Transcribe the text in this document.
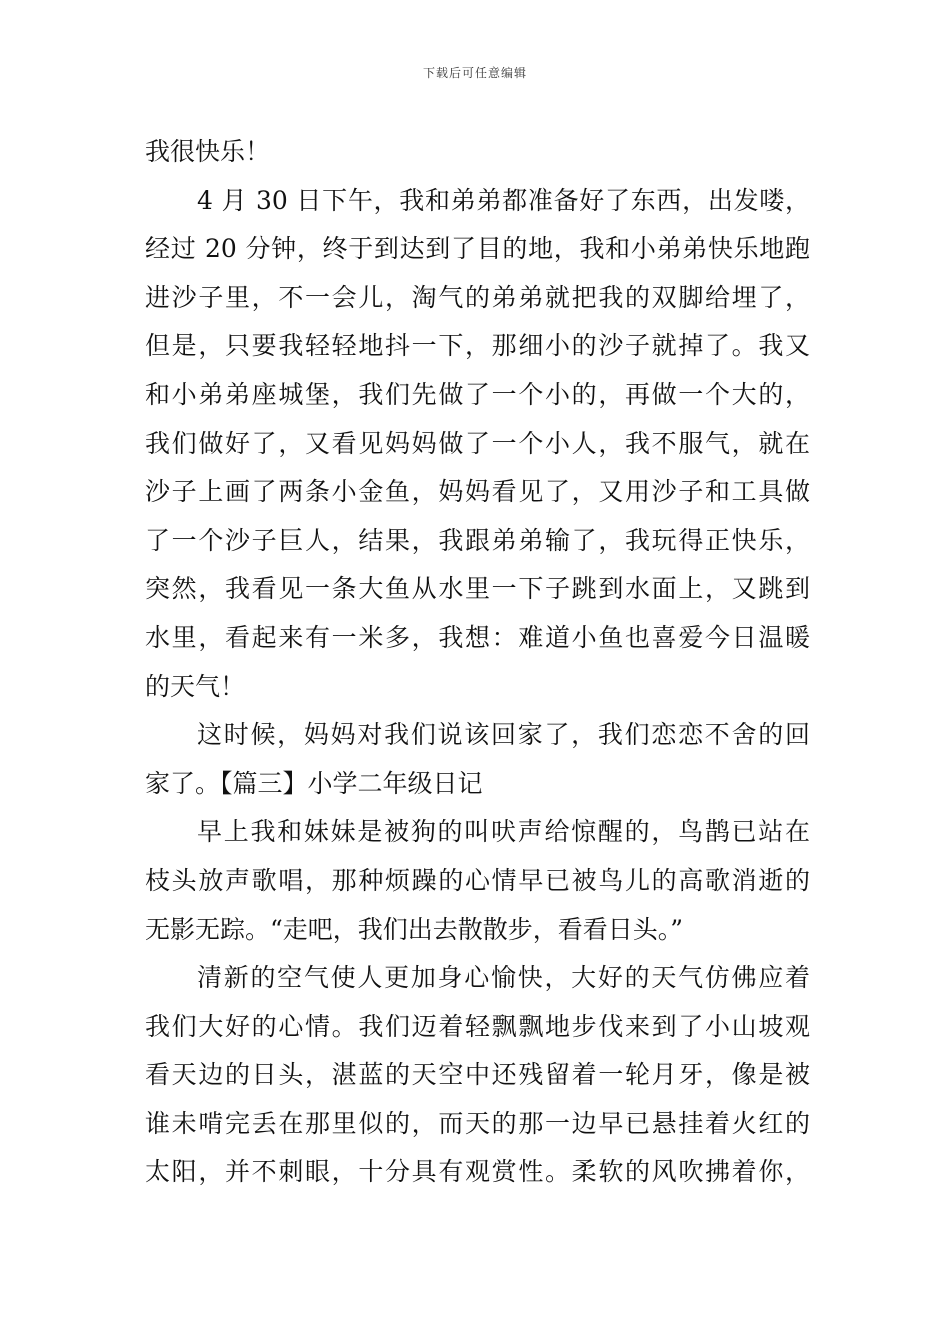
下载后可任意编辑
我很快乐！
4 月 30 日下午，我和弟弟都准备好了东西，出发喽，
经过 20 分钟，终于到达到了目的地，我和小弟弟快乐地跑
进沙子里，不一会儿，淘气的弟弟就把我的双脚给埋了，
但是，只要我轻轻地抖一下，那细小的沙子就掉了。我又
和小弟弟座城堡，我们先做了一个小的，再做一个大的，
我们做好了，又看见妈妈做了一个小人，我不服气，就在
沙子上画了两条小金鱼，妈妈看见了，又用沙子和工具做
了一个沙子巨人，结果，我跟弟弟输了，我玩得正快乐，
突然，我看见一条大鱼从水里一下子跳到水面上，又跳到
水里，看起来有一米多，我想：难道小鱼也喜爱今日温暖
的天气！
这时候，妈妈对我们说该回家了，我们恋恋不舍的回
家了。【篇三】小学二年级日记
早上我和妹妹是被狗的叫吠声给惊醒的，鸟鹊已站在
枝头放声歌唱，那种烦躁的心情早已被鸟儿的高歌消逝的
无影无踪。“走吧，我们出去散散步，看看日头。”
清新的空气使人更加身心愉快，大好的天气仿佛应着
我们大好的心情。我们迈着轻飘飘地步伐来到了小山坡观
看天边的日头，湛蓝的天空中还残留着一轮月牙，像是被
谁未啃完丢在那里似的，而天的那一边早已悬挂着火红的
太阳，并不刺眼，十分具有观赏性。柔软的风吹拂着你，
